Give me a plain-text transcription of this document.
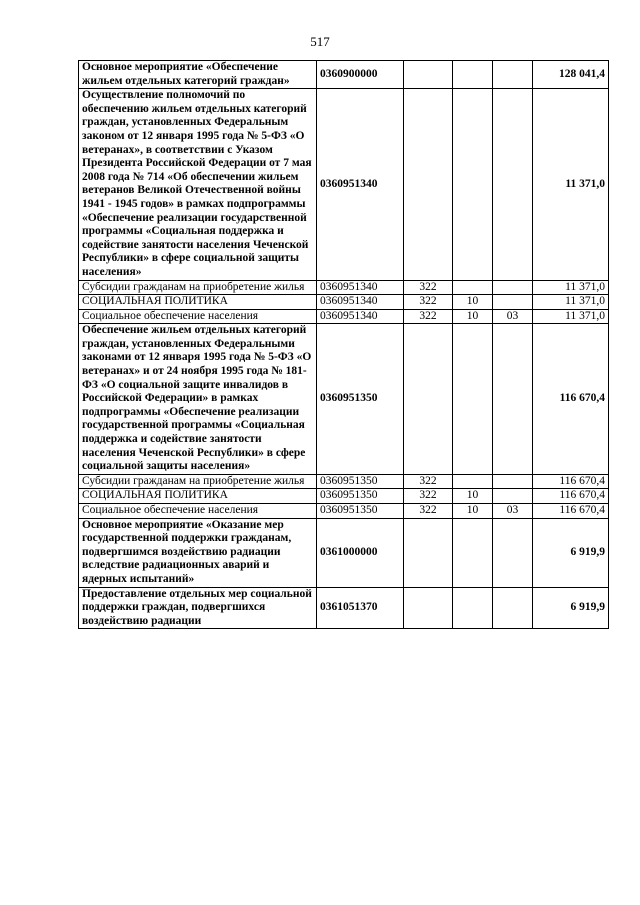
517
Основное мероприятие «Обеспечение жильем отдельных категорий граждан»	0360900000				128 041,4
Осуществление полномочий по обеспечению жильем отдельных категорий граждан, установленных Федеральным законом от 12 января 1995 года № 5-ФЗ «О ветеранах», в соответствии с Указом Президента Российской Федерации от 7 мая 2008 года № 714 «Об обеспечении жильем ветеранов Великой Отечественной войны 1941 - 1945 годов» в рамках подпрограммы «Обеспечение реализации государственной программы «Социальная поддержка и содействие занятости населения Чеченской Республики» в сфере социальной защиты населения»	0360951340				11 371,0
Субсидии гражданам на приобретение жилья	0360951340	322			11 371,0
СОЦИАЛЬНАЯ ПОЛИТИКА	0360951340	322	10		11 371,0
Социальное обеспечение населения	0360951340	322	10	03	11 371,0
Обеспечение жильем отдельных категорий граждан, установленных Федеральными законами от 12 января 1995 года № 5-ФЗ «О ветеранах» и от 24 ноября 1995 года № 181-ФЗ «О социальной защите инвалидов в Российской Федерации» в рамках подпрограммы «Обеспечение реализации государственной программы «Социальная поддержка и содействие занятости населения Чеченской Республики» в сфере социальной защиты населения»	0360951350				116 670,4
Субсидии гражданам на приобретение жилья	0360951350	322			116 670,4
СОЦИАЛЬНАЯ ПОЛИТИКА	0360951350	322	10		116 670,4
Социальное обеспечение населения	0360951350	322	10	03	116 670,4
Основное мероприятие «Оказание мер государственной поддержки гражданам, подвергшимся воздействию радиации вследствие радиационных аварий и ядерных испытаний»	0361000000				6 919,9
Предоставление отдельных мер социальной поддержки граждан, подвергшихся воздействию радиации	0361051370				6 919,9
